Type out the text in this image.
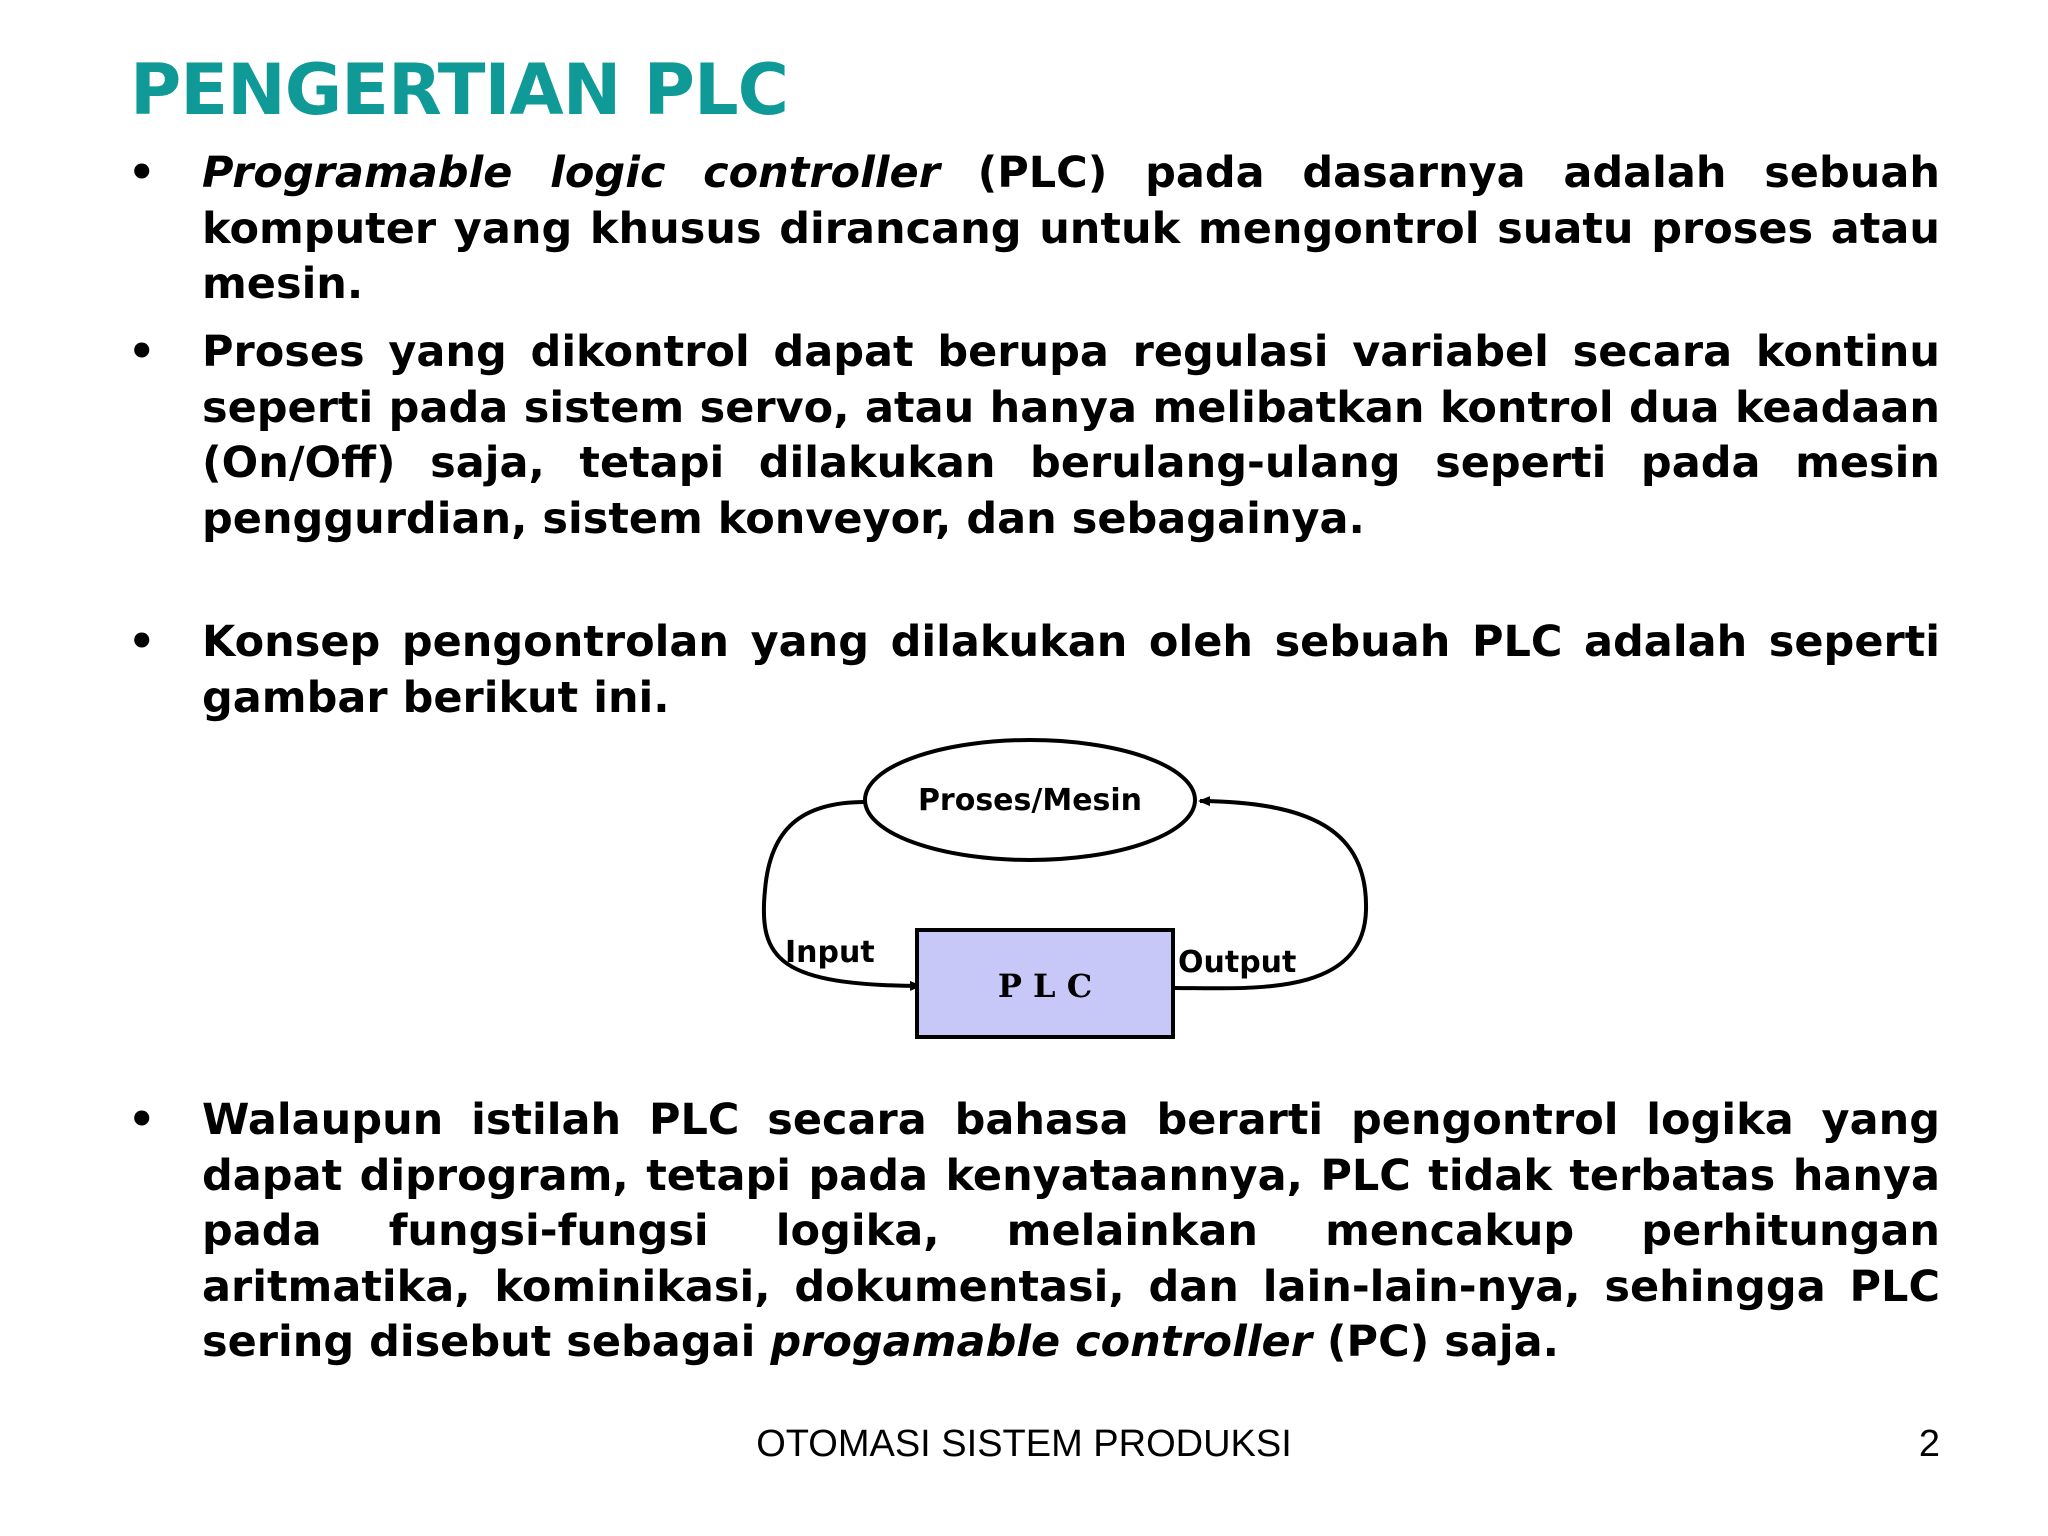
PENGERTIAN PLC
• Programable logic controller (PLC) pada dasarnya adalah sebuah komputer yang khusus dirancang untuk mengontrol suatu proses atau mesin.
• Proses yang dikontrol dapat berupa regulasi variabel secara kontinu seperti pada sistem servo, atau hanya melibatkan kontrol dua keadaan (On/Off) saja, tetapi dilakukan berulang-ulang seperti pada mesin penggurdian, sistem konveyor, dan sebagainya.
• Konsep pengontrolan yang dilakukan oleh sebuah PLC adalah seperti gambar berikut ini.
Proses/Mesin
P L C
Input	Output
• Walaupun istilah PLC secara bahasa berarti pengontrol logika yang dapat diprogram, tetapi pada kenyataannya, PLC tidak terbatas hanya pada fungsi-fungsi logika, melainkan mencakup perhitungan aritmatika, kominikasi, dokumentasi, dan lain-lain-nya, sehingga PLC sering disebut sebagai progamable controller (PC) saja.
OTOMASI SISTEM PRODUKSI	2
